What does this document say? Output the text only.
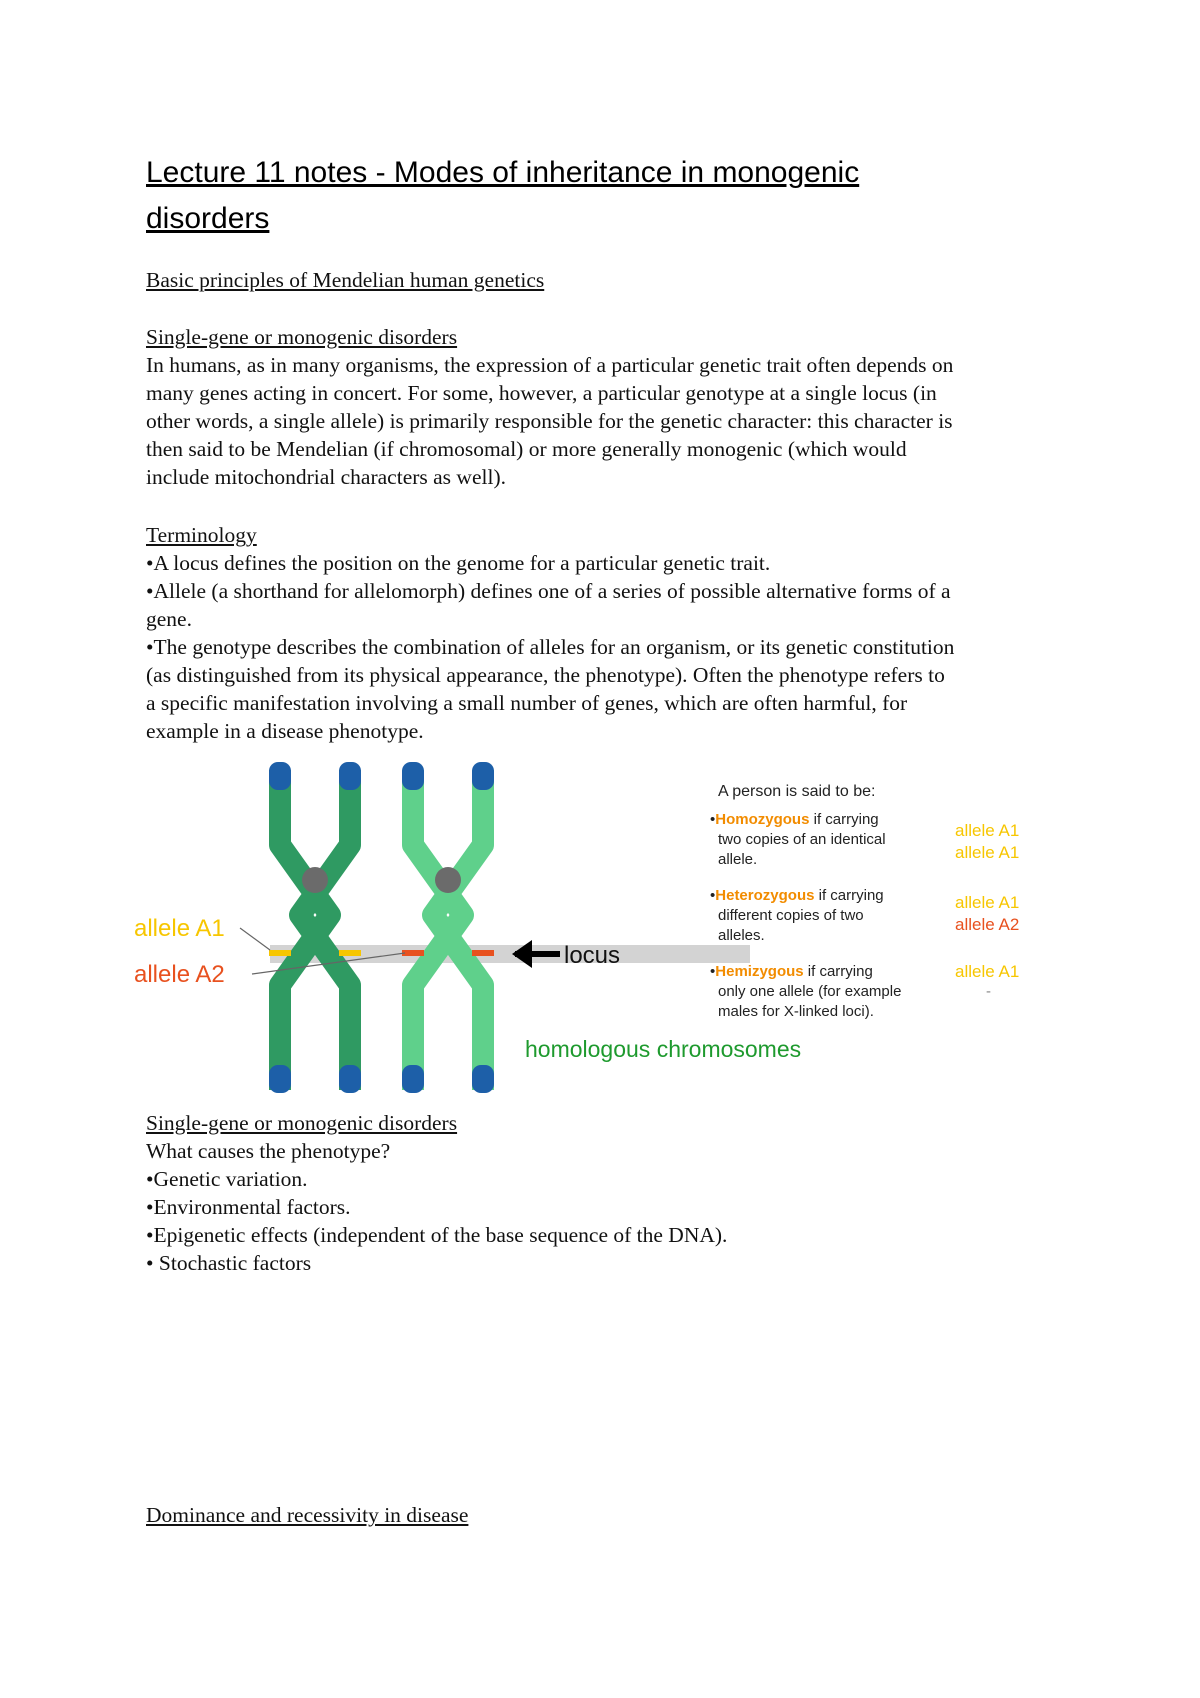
Lecture 11 notes - Modes of inheritance in monogenic
disorders
Basic principles of Mendelian human genetics
Single-gene or monogenic disorders
In humans, as in many organisms, the expression of a particular genetic trait often depends on
many genes acting in concert. For some, however, a particular genotype at a single locus (in
other words, a single allele) is primarily responsible for the genetic character: this character is
then said to be Mendelian (if chromosomal) or more generally monogenic (which would
include mitochondrial characters as well).
Terminology
•A locus defines the position on the genome for a particular genetic trait.
•Allele (a shorthand for allelomorph) defines one of a series of possible alternative forms of a
gene.
•The genotype describes the combination of alleles for an organism, or its genetic constitution
(as distinguished from its physical appearance, the phenotype). Often the phenotype refers to
a specific manifestation involving a small number of genes, which are often harmful, for
example in a disease phenotype.
allele A1
allele A2
locus
homologous chromosomes
A person is said to be:
•Homozygous if carrying
two copies of an identical
allele.
allele A1
allele A1
•Heterozygous if carrying
different copies of two
alleles.
allele A1
allele A2
•Hemizygous if carrying
only one allele (for example
males for X-linked loci).
allele A1
-
Single-gene or monogenic disorders
What causes the phenotype?
•Genetic variation.
•Environmental factors.
•Epigenetic effects (independent of the base sequence of the DNA).
• Stochastic factors
Dominance and recessivity in disease
